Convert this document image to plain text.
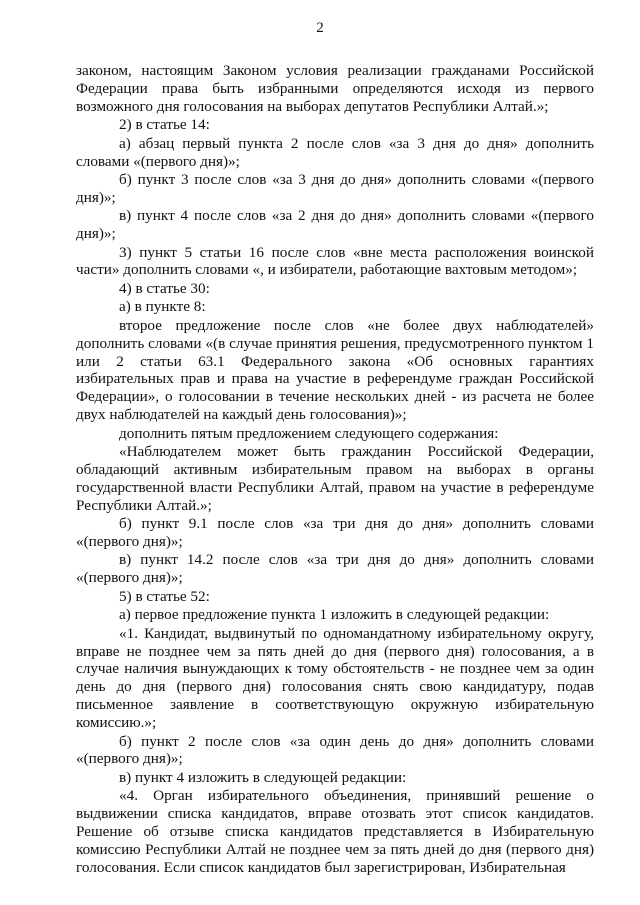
2

законом, настоящим Законом условия реализации гражданами Российской Федерации права быть избранными определяются исходя из первого возможного дня голосования на выборах депутатов Республики Алтай.»;

2) в статье 14:

а) абзац первый пункта 2 после слов «за 3 дня до дня» дополнить словами «(первого дня)»;

б) пункт 3 после слов «за 3 дня до дня» дополнить словами «(первого дня)»;

в) пункт 4 после слов «за 2 дня до дня» дополнить словами «(первого дня)»;

3) пункт 5 статьи 16 после слов «вне места расположения воинской части» дополнить словами «, и избиратели, работающие вахтовым методом»;

4) в статье 30:

а) в пункте 8:

второе предложение после слов «не более двух наблюдателей» дополнить словами «(в случае принятия решения, предусмотренного пунктом 1 или 2 статьи 63.1 Федерального закона «Об основных гарантиях избирательных прав и права на участие в референдуме граждан Российской Федерации», о голосовании в течение нескольких дней - из расчета не более двух наблюдателей на каждый день голосования)»;

дополнить пятым предложением следующего содержания:

«Наблюдателем может быть гражданин Российской Федерации, обладающий активным избирательным правом на выборах в органы государственной власти Республики Алтай, правом на участие в референдуме Республики Алтай.»;

б) пункт 9.1 после слов «за три дня до дня» дополнить словами «(первого дня)»;

в) пункт 14.2 после слов «за три дня до дня» дополнить словами «(первого дня)»;

5) в статье 52:

а) первое предложение пункта 1 изложить в следующей редакции:

«1. Кандидат, выдвинутый по одномандатному избирательному округу, вправе не позднее чем за пять дней до дня (первого дня) голосования, а в случае наличия вынуждающих к тому обстоятельств - не позднее чем за один день до дня (первого дня) голосования снять свою кандидатуру, подав письменное заявление в соответствующую окружную избирательную комиссию.»;

б) пункт 2 после слов «за один день до дня» дополнить словами «(первого дня)»;

в) пункт 4 изложить в следующей редакции:

«4. Орган избирательного объединения, принявший решение о выдвижении списка кандидатов, вправе отозвать этот список кандидатов. Решение об отзыве списка кандидатов представляется в Избирательную комиссию Республики Алтай не позднее чем за пять дней до дня (первого дня) голосования. Если список кандидатов был зарегистрирован, Избирательная
